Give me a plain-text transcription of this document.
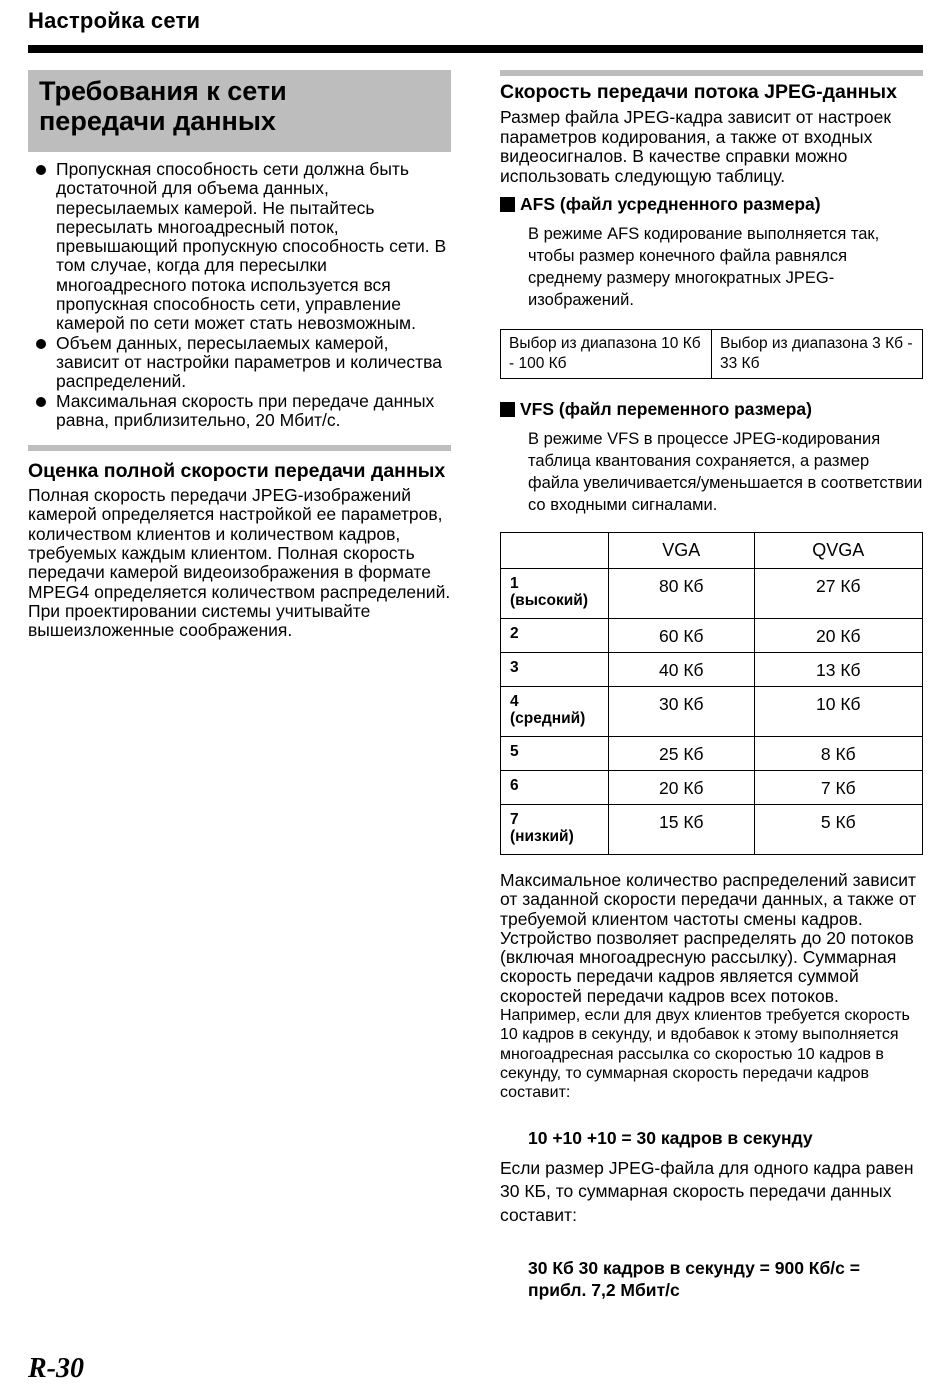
Настройка сети
Требования к сети
передачи данных
Пропускная способность сети должна быть достаточной для объема данных, пересылаемых камерой. Не пытайтесь пересылать многоадресный поток, превышающий пропускную способность сети. В том случае, когда для пересылки многоадресного потока используется вся пропускная способность сети, управление камерой по сети может стать невозможным.
Объем данных, пересылаемых камерой, зависит от настройки параметров и количества распределений.
Максимальная скорость при передаче данных равна, приблизительно, 20 Мбит/с.
Оценка полной скорости передачи данных
Полная скорость передачи JPEG-изображений камерой определяется настройкой ее параметров, количеством клиентов и количеством кадров, требуемых каждым клиентом. Полная скорость передачи камерой видеоизображения в формате MPEG4 определяется количеством распределений. При проектировании системы учитывайте вышеизложенные соображения.
Скорость передачи потока JPEG-данных
Размер файла JPEG-кадра зависит от настроек параметров кодирования, а также от входных видеосигналов. В качестве справки можно использовать следующую таблицу.
AFS (файл усредненного размера)
В режиме AFS кодирование выполняется так, чтобы размер конечного файла равнялся среднему размеру многократных JPEG-изображений.
Выбор из диапазона 10 Кб - 100 Кб	Выбор из диапазона 3 Кб - 33 Кб
VFS (файл переменного размера)
В режиме VFS в процессе JPEG-кодирования таблица квантования сохраняется, а размер файла увеличивается/уменьшается в соответствии со входными сигналами.
	VGA	QVGA

1
(высокий)	80 Кб	27 Кб

2	60 Кб	20 Кб

3	40 Кб	13 Кб

4
(средний)	30 Кб	10 Кб

5	25 Кб	8 Кб

6	20 Кб	7 Кб

7
(низкий)	15 Кб	5 Кб
Максимальное количество распределений зависит от заданной скорости передачи данных, а также от требуемой клиентом частоты смены кадров. Устройство позволяет распределять до 20 потоков (включая многоадресную рассылку). Суммарная скорость передачи кадров является суммой скоростей передачи кадров всех потоков.
Например, если для двух клиентов требуется скорость 10 кадров в секунду, и вдобавок к этому выполняется многоадресная рассылка со скоростью 10 кадров в секунду, то суммарная скорость передачи кадров составит:
10 +10 +10 = 30 кадров в секунду
Если размер JPEG-файла для одного кадра равен 30 КБ, то суммарная скорость передачи данных составит:
30 Кб 30 кадров в секунду = 900 Кб/с = прибл. 7,2 Мбит/с
R-30
